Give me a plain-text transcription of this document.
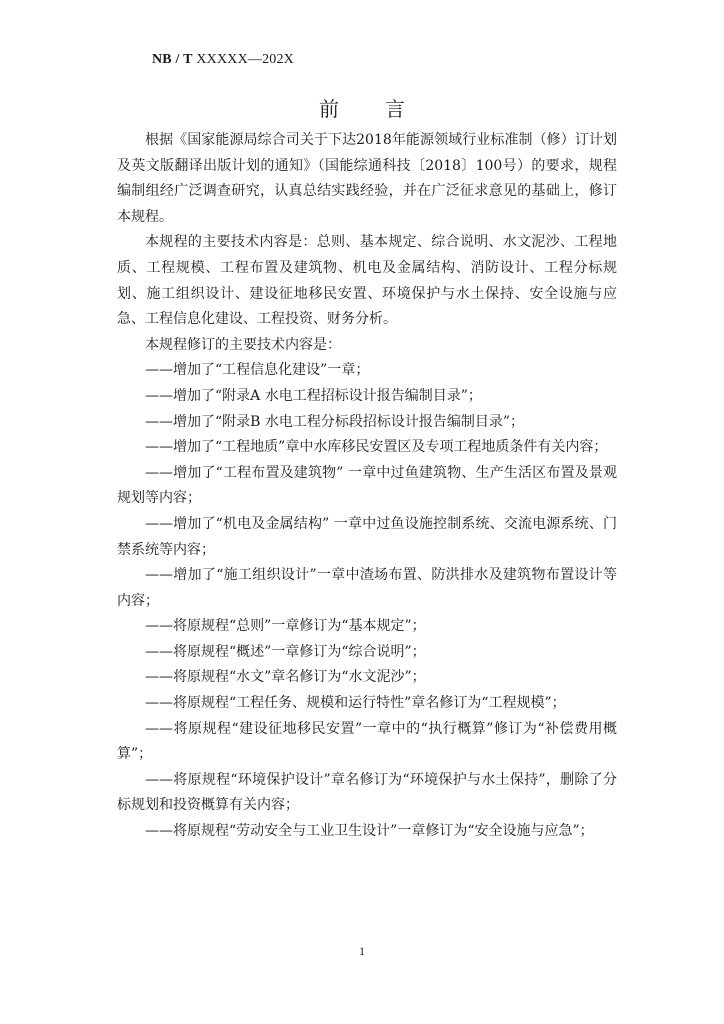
NB / T XXXXX—202X
前言

根据《国家能源局综合司关于下达2018年能源领域行业标准制（修）订计划及英文版翻译出版计划的通知》（国能综通科技〔2018〕100号）的要求，规程编制组经广泛调查研究，认真总结实践经验，并在广泛征求意见的基础上，修订本规程。

本规程的主要技术内容是：总则、基本规定、综合说明、水文泥沙、工程地质、工程规模、工程布置及建筑物、机电及金属结构、消防设计、工程分标规划、施工组织设计、建设征地移民安置、环境保护与水土保持、安全设施与应急、工程信息化建设、工程投资、财务分析。

本规程修订的主要技术内容是：

——增加了“工程信息化建设”一章；

——增加了“附录A 水电工程招标设计报告编制目录”；

——增加了“附录B 水电工程分标段招标设计报告编制目录”；

——增加了“工程地质”章中水库移民安置区及专项工程地质条件有关内容；

——增加了“工程布置及建筑物” 一章中过鱼建筑物、生产生活区布置及景观规划等内容；

——增加了“机电及金属结构” 一章中过鱼设施控制系统、交流电源系统、门禁系统等内容；

——增加了“施工组织设计”一章中渣场布置、防洪排水及建筑物布置设计等内容；

——将原规程“总则”一章修订为“基本规定”；

——将原规程“概述”一章修订为“综合说明”；

——将原规程“水文”章名修订为“水文泥沙”；

——将原规程“工程任务、规模和运行特性”章名修订为“工程规模”；

——将原规程“建设征地移民安置”一章中的“执行概算”修订为“补偿费用概算”；

——将原规程“环境保护设计”章名修订为“环境保护与水土保持”，删除了分标规划和投资概算有关内容；

——将原规程“劳动安全与工业卫生设计”一章修订为“安全设施与应急”；

1
